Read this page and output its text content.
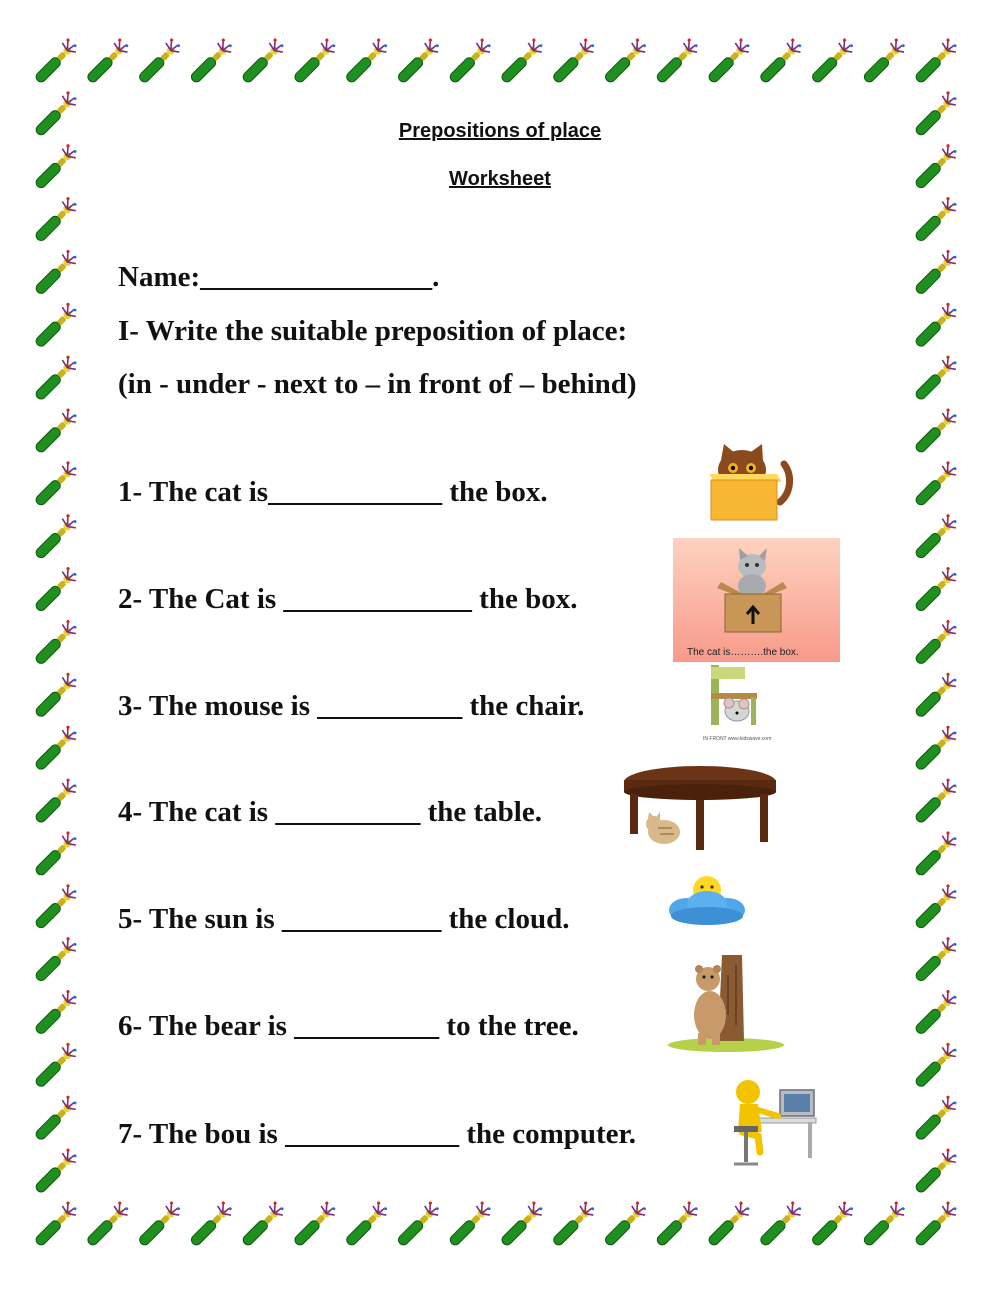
Prepositions of place
Worksheet
Name:________________.
I- Write the suitable preposition of place:
(in - under - next to – in front of – behind)
1- The cat is____________ the box.
2- The Cat is _____________ the box.
3- The mouse is __________ the chair.
4- The cat is __________ the table.
5- The sun is ___________ the cloud.
6- The bear is __________ to the tree.
7- The bou is ____________ the computer.
The cat is……….the box.
IN FRONT www.kidswave.com
